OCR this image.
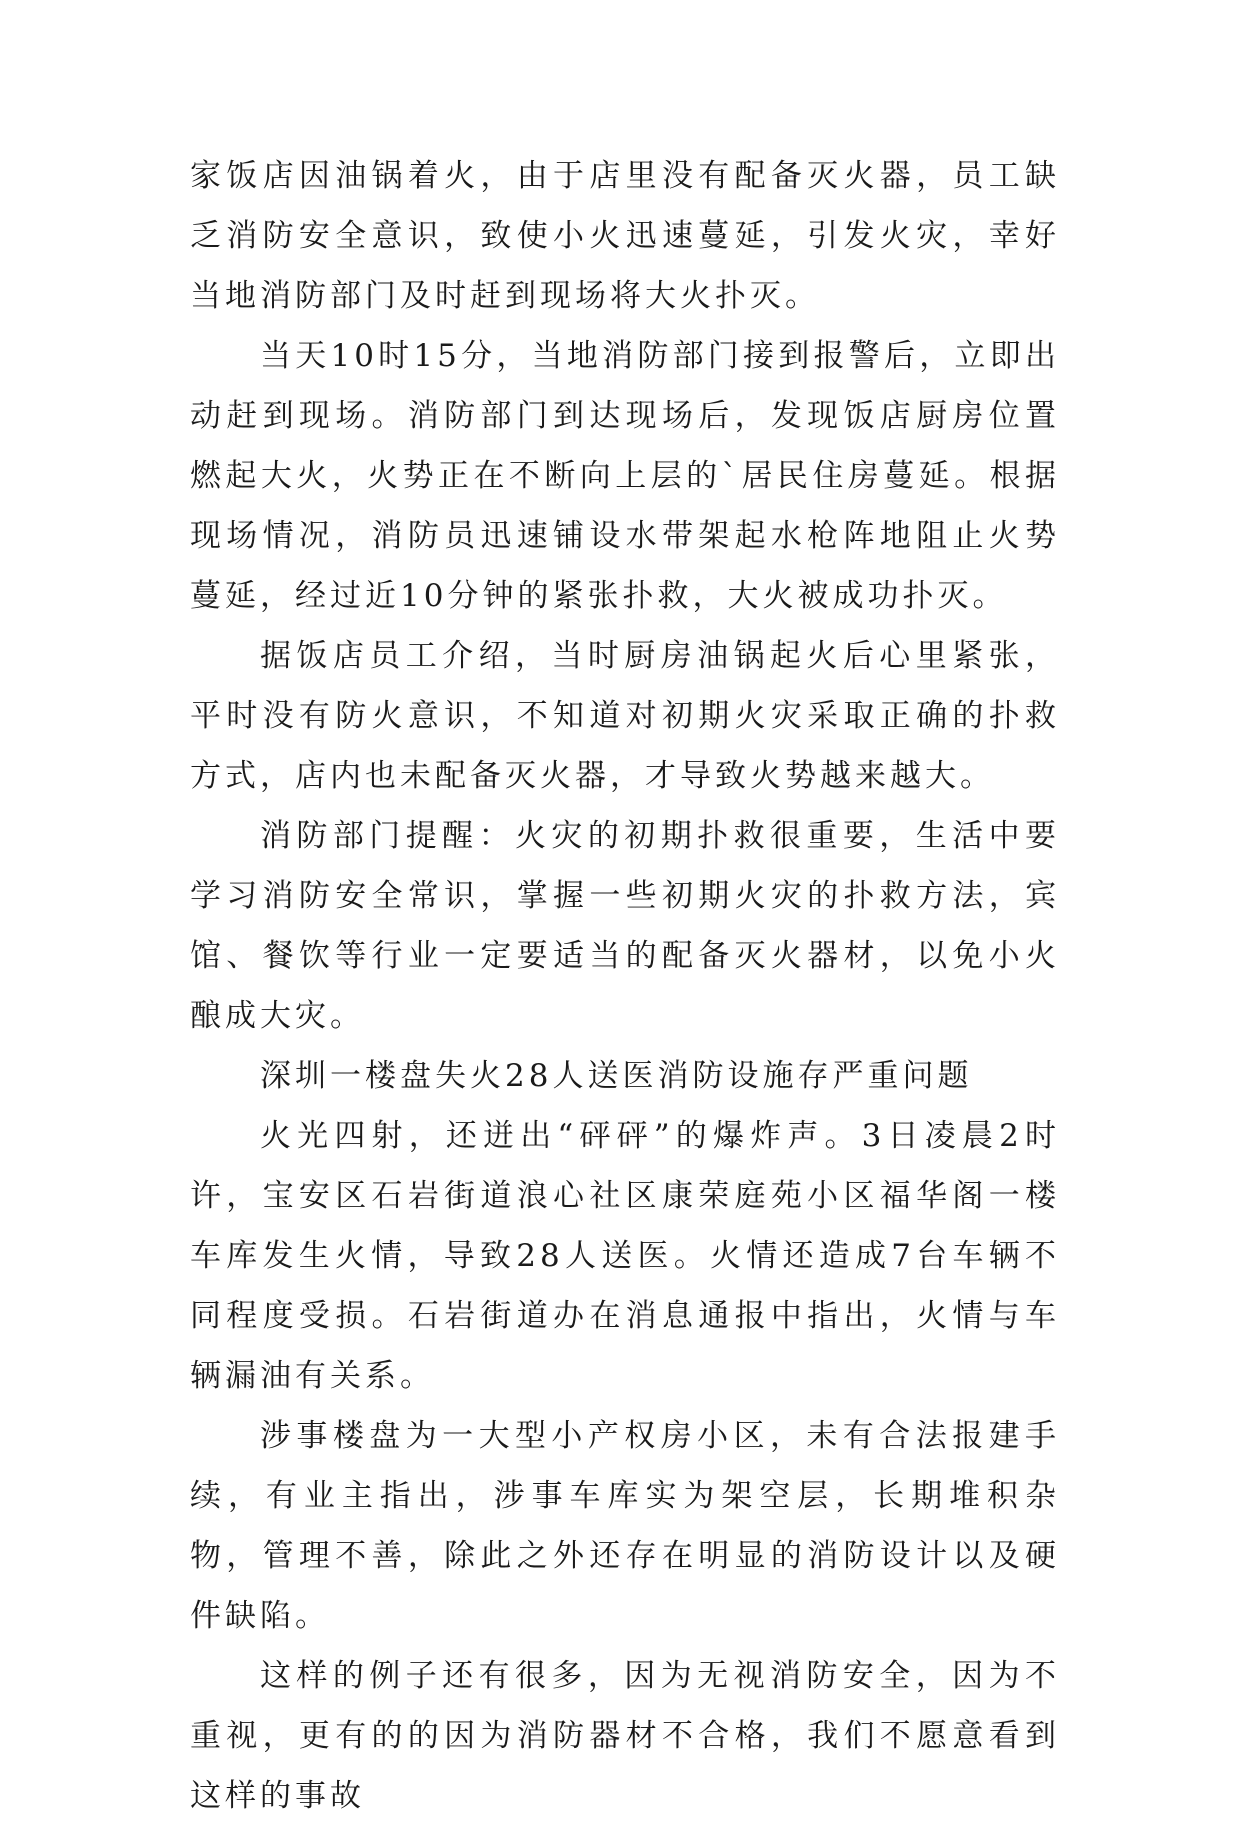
家饭店因油锅着火，由于店里没有配备灭火器，员工缺乏消防安全意识，致使小火迅速蔓延，引发火灾，幸好当地消防部门及时赶到现场将大火扑灭。

当天10时15分，当地消防部门接到报警后，立即出动赶到现场。消防部门到达现场后，发现饭店厨房位置燃起大火，火势正在不断向上层的`居民住房蔓延。根据现场情况，消防员迅速铺设水带架起水枪阵地阻止火势蔓延，经过近10分钟的紧张扑救，大火被成功扑灭。

据饭店员工介绍，当时厨房油锅起火后心里紧张，平时没有防火意识，不知道对初期火灾采取正确的扑救方式，店内也未配备灭火器，才导致火势越来越大。

消防部门提醒：火灾的初期扑救很重要，生活中要学习消防安全常识，掌握一些初期火灾的扑救方法，宾馆、餐饮等行业一定要适当的配备灭火器材，以免小火酿成大灾。

深圳一楼盘失火28人送医消防设施存严重问题

火光四射，还迸出“砰砰”的爆炸声。3日凌晨2时许，宝安区石岩街道浪心社区康荣庭苑小区福华阁一楼车库发生火情，导致28人送医。火情还造成7台车辆不同程度受损。石岩街道办在消息通报中指出，火情与车辆漏油有关系。

涉事楼盘为一大型小产权房小区，未有合法报建手续，有业主指出，涉事车库实为架空层，长期堆积杂物，管理不善，除此之外还存在明显的消防设计以及硬件缺陷。

这样的例子还有很多，因为无视消防安全，因为不重视，更有的的因为消防器材不合格，我们不愿意看到这样的事故
